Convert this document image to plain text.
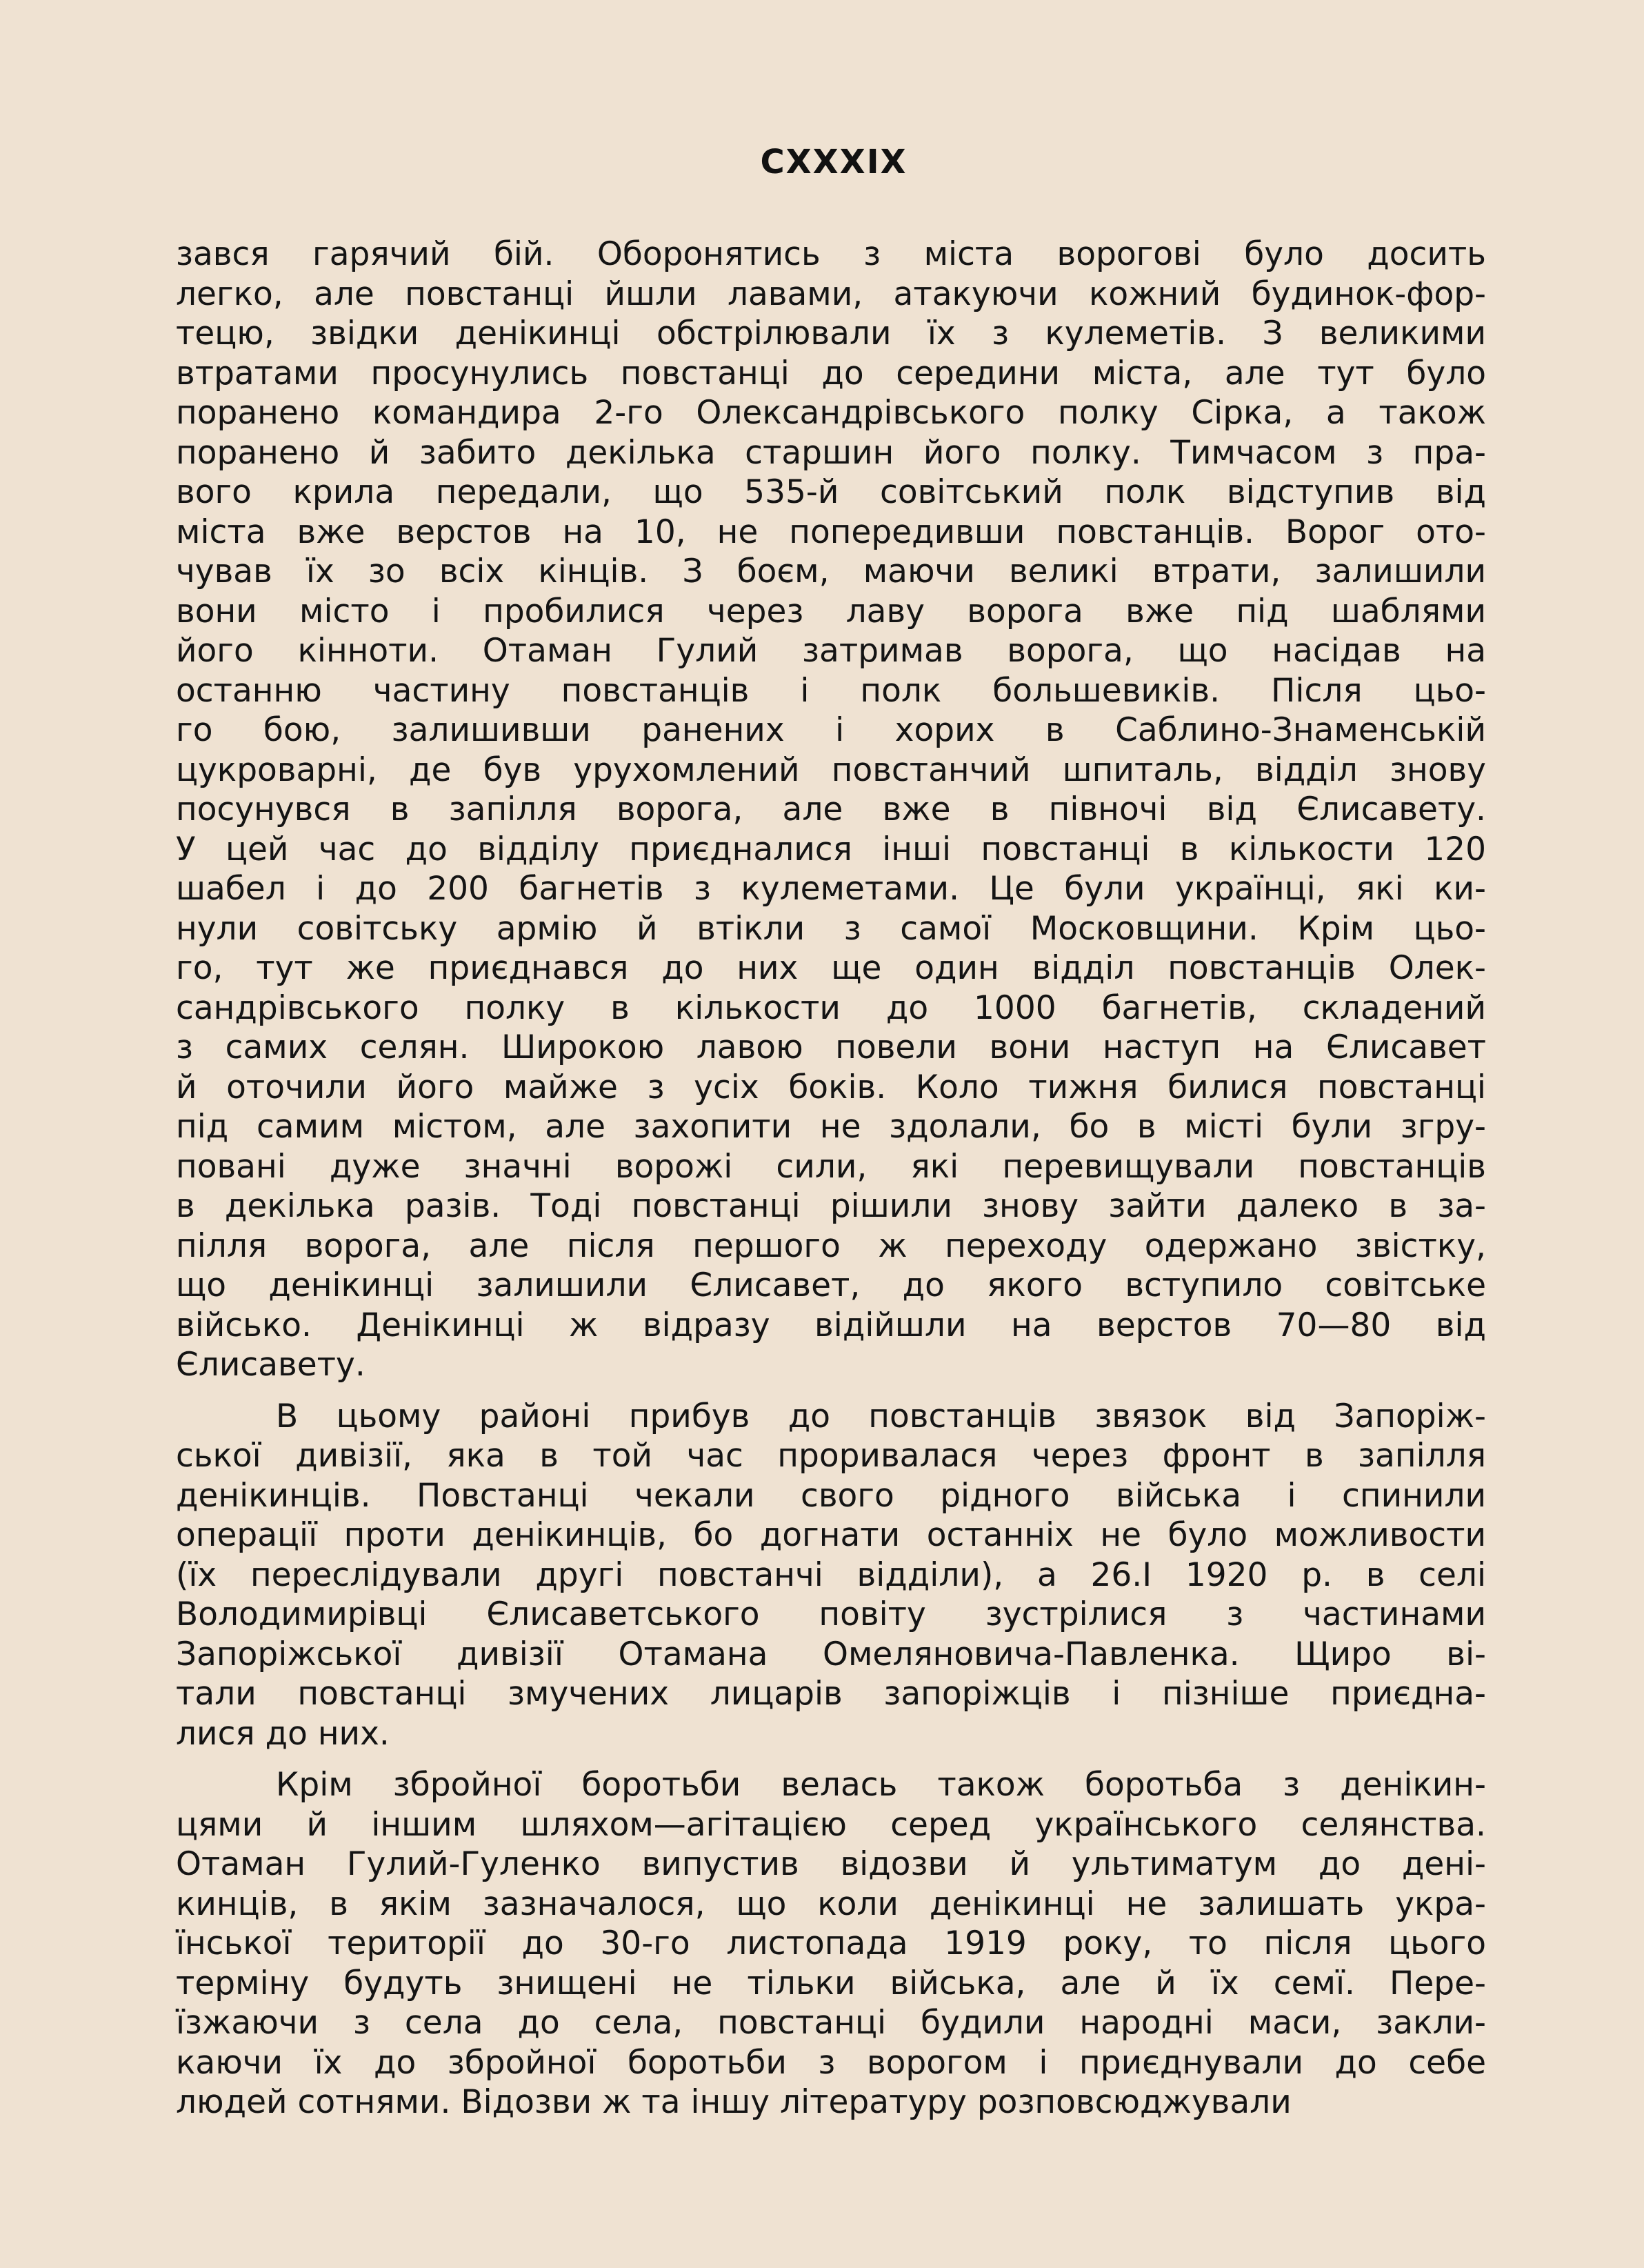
CXXXIX
зався гарячий бій. Оборонятись з міста ворогові було досить
легко, але повстанці йшли лавами, атакуючи кожний будинок-фор-
тецю, звідки денікинці обстрілювали їх з кулеметів. З великими
втратами просунулись повстанці до середини міста, але тут було
поранено командира 2-го Олександрівського полку Сірка, а також
поранено й забито декілька старшин його полку. Тимчасом з пра-
вого крила передали, що 535-й совітський полк відступив від
міста вже верстов на 10, не попередивши повстанців. Ворог ото-
чував їх зо всіх кінців. З боєм, маючи великі втрати, залишили
вони місто і пробилися через лаву ворога вже під шаблями
його кінноти. Отаман Гулий затримав ворога, що насідав на
останню частину повстанців і полк большевиків. Після цьо-
го бою, залишивши ранених і хорих в Саблино-Знаменській
цукроварні, де був урухомлений повстанчий шпиталь, відділ знову
посунувся в запілля ворога, але вже в півночі від Єлисавету.
У цей час до відділу приєдналися інші повстанці в кількости 120
шабел і до 200 багнетів з кулеметами. Це були українці, які ки-
нули совітську армію й втікли з самої Московщини. Крім цьо-
го, тут же приєднався до них ще один відділ повстанців Олек-
сандрівського полку в кількости до 1000 багнетів, складений
з самих селян. Широкою лавою повели вони наступ на Єлисавет
й оточили його майже з усіх боків. Коло тижня билися повстанці
під самим містом, але захопити не здолали, бо в місті були згру-
повані дуже значні ворожі сили, які перевищували повстанців
в декілька разів. Тоді повстанці рішили знову зайти далеко в за-
пілля ворога, але після першого ж переходу одержано звістку,
що денікинці залишили Єлисавет, до якого вступило совітське
військо. Денікинці ж відразу відійшли на верстов 70—80 від
Єлисавету.
В цьому районі прибув до повстанців звязок від Запоріж-
ської дивізії, яка в той час проривалася через фронт в запілля
денікинців. Повстанці чекали свого рідного війська і спинили
операції проти денікинців, бо догнати останніх не було можливости
(їх переслідували другі повстанчі відділи), а 26.І 1920 р. в селі
Володимирівці Єлисаветського повіту зустрілися з частинами
Запоріжської дивізії Отамана Омеляновича-Павленка. Щиро ві-
тали повстанці змучених лицарів запоріжців і пізніше приєдна-
лися до них.
Крім збройної боротьби велась також боротьба з денікин-
цями й іншим шляхом—агітацією серед українського селянства.
Отаман Гулий-Гуленко випустив відозви й ультиматум до дені-
кинців, в якім зазначалося, що коли денікинці не залишать укра-
їнської території до 30-го листопада 1919 року, то після цього
терміну будуть знищені не тільки війська, але й їх семї. Пере-
їзжаючи з села до села, повстанці будили народні маси, закли-
каючи їх до збройної боротьби з ворогом і приєднували до себе
людей сотнями. Відозви ж та іншу літературу розповсюджували
